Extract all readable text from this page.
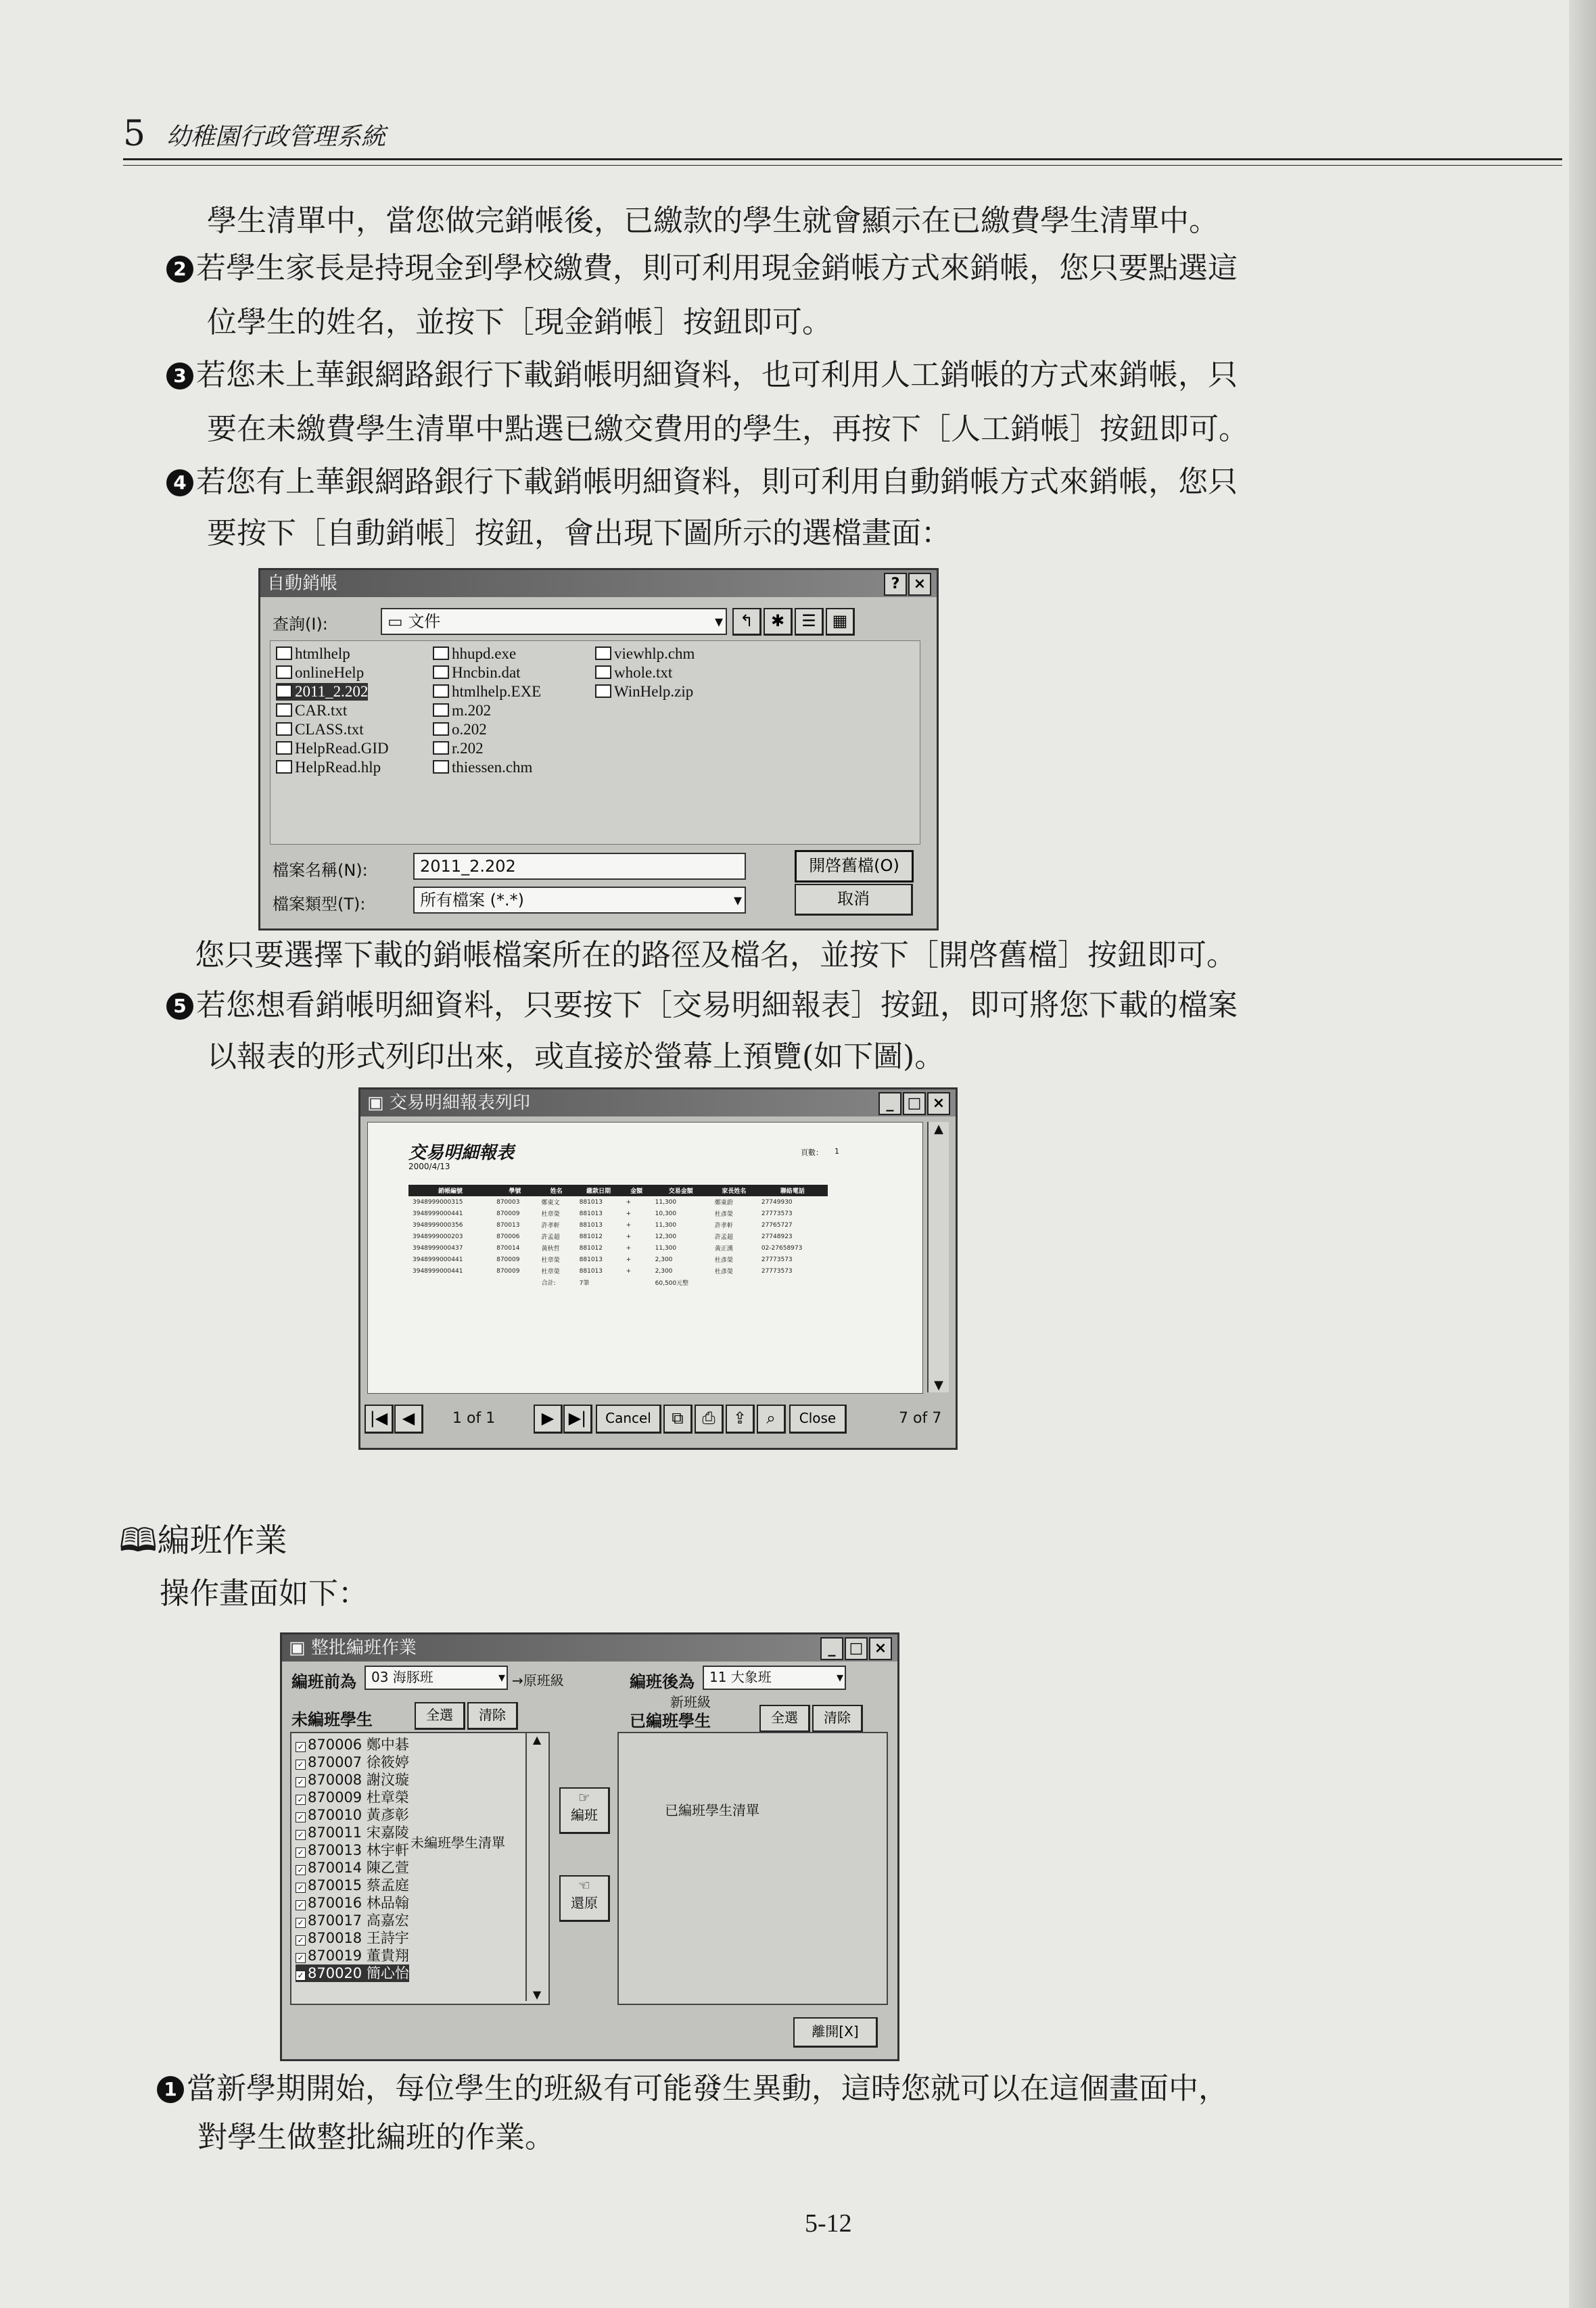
5 幼稚園行政管理系統
學生清單中，當您做完銷帳後，已繳款的學生就會顯示在已繳費學生清單中。
2 若學生家長是持現金到學校繳費，則可利用現金銷帳方式來銷帳，您只要點選這
位學生的姓名，並按下［現金銷帳］按鈕即可。
3 若您未上華銀網路銀行下載銷帳明細資料，也可利用人工銷帳的方式來銷帳，只
要在未繳費學生清單中點選已繳交費用的學生，再按下［人工銷帳］按鈕即可。
4 若您有上華銀網路銀行下載銷帳明細資料，則可利用自動銷帳方式來銷帳，您只
要按下［自動銷帳］按鈕，會出現下圖所示的選檔畫面：
自動銷帳	? ×
查詢(I):	▭ 文件	▾	↰	✱	☰ ▦
htmlhelp
onlineHelp
2011_2.202
CAR.txt
CLASS.txt
HelpRead.GID
HelpRead.hlp
hhupd.exe
Hncbin.dat
htmlhelp.EXE
m.202
o.202
r.202
thiessen.chm
viewhlp.chm
whole.txt
WinHelp.zip
檔案名稱(N):	2011_2.202
檔案類型(T):	所有檔案 (*.*)	▾
開啓舊檔(O)
取消
您只要選擇下載的銷帳檔案所在的路徑及檔名，並按下［開啓舊檔］按鈕即可。
5 若您想看銷帳明細資料，只要按下［交易明細報表］按鈕，即可將您下載的檔案
以報表的形式列印出來，或直接於螢幕上預覽(如下圖)。
▣ 交易明細報表列印	_ □ ×
交易明細報表
2000/4/13
頁數： 1
銷帳編號	學號	姓名	繳款日期	金額	交易金額	家長姓名	聯絡電話
3948999000315	870003	鄭東文	881013	+	11,300	鄭東蔚	27749930
3948999000441	870009	杜章榮	881013	+	10,300	杜彥榮	27773573
3948999000356	870013	許孝軒	881013	+	11,300	許孝軒	27765727
3948999000203	870006	許孟超	881012	+	12,300	許孟超	27748923
3948999000437	870014	黃秋哲	881012	+	11,300	黃正漢	02-27658973
3948999000441	870009	杜章榮	881013	+	2,300	杜彥榮	27773573
3948999000441	870009	杜章榮	881013	+	2,300	杜彥榮	27773573
		合計:	7筆		60,500元整		
▲
▼
|◀ ◀	1 of 1	▶ ▶|	Cancel	⧉	⎙	⇪	⌕	Close	7 of 7
🕮編班作業
操作畫面如下：
▣ 整批編班作業	_ □ ×
編班前為	03 海豚班	▾ →原班級	編班後為	11 大象班	▾
新班級
未編班學生	全選	清除	已編班學生	全選	清除
✓ 870006 鄭中碁
✓ 870007 徐筱婷
✓ 870008 謝汶璇
✓ 870009 杜章榮
✓ 870010 黃彥彰
✓ 870011 宋嘉陵
✓ 870013 林宇軒
✓ 870014 陳乙萱
✓ 870015 蔡孟庭
✓ 870016 林品翰
✓ 870017 高嘉宏
✓ 870018 王詩宇
✓ 870019 董貴翔
✓ 870020 簡心怡
▲
▼
未編班學生清單
☞
編班
☜
還原
已編班學生清單
離開[X]
1 當新學期開始，每位學生的班級有可能發生異動，這時您就可以在這個畫面中，
對學生做整批編班的作業。
5-12
